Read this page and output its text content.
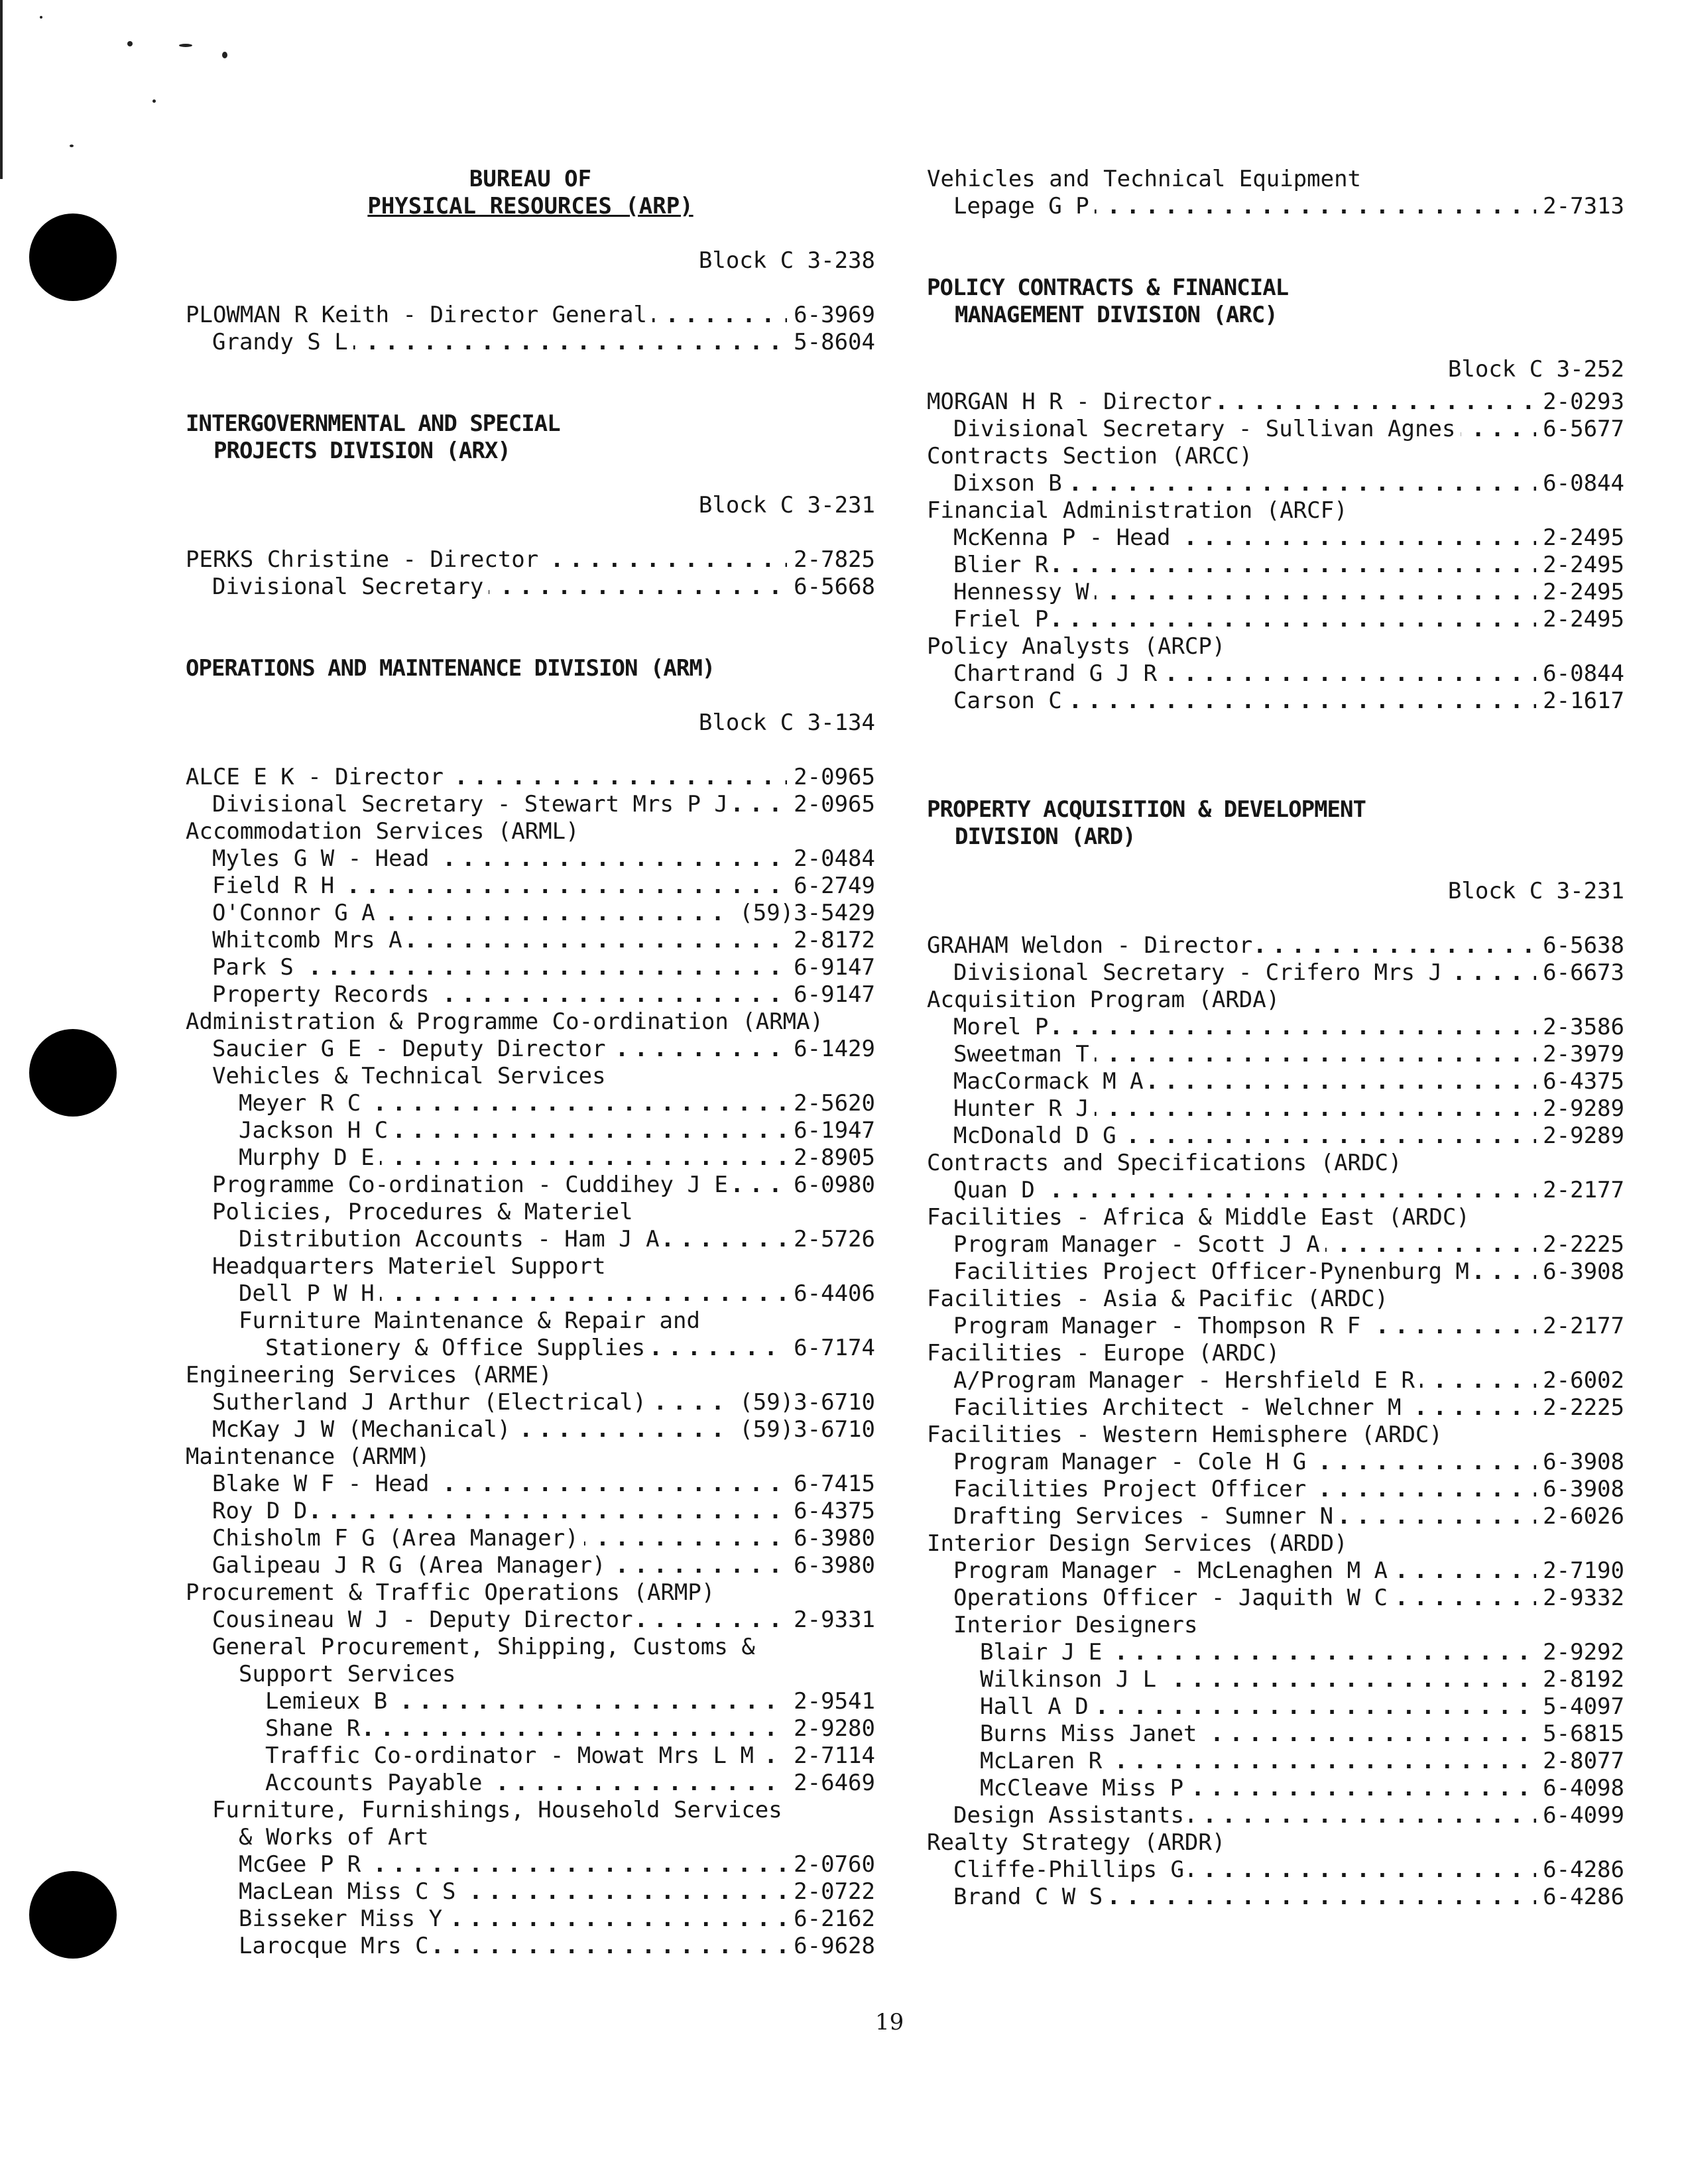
BUREAU OF
PHYSICAL RESOURCES (ARP)
Block C 3-238
. . .
PLOWMAN R Keith - Director General	6-3969
. . .
Grandy S L	5-8604
INTERGOVERNMENTAL AND SPECIAL
PROJECTS DIVISION (ARX)
Block C 3-231
. . .
PERKS Christine - Director	2-7825
. . .
Divisional Secretary	6-5668
OPERATIONS AND MAINTENANCE DIVISION (ARM)
Block C 3-134
. . .
ALCE E K - Director	2-0965
. . .
Divisional Secretary - Stewart Mrs P J	2-0965
Accommodation Services (ARML)
. . .
Myles G W - Head	2-0484
. . .
Field R H	6-2749
. . .
O'Connor G A	(59)3-5429
. . .
Whitcomb Mrs A	2-8172
. . .
Park S	6-9147
. . .
Property Records	6-9147
Administration & Programme Co-ordination (ARMA)
. . .
Saucier G E - Deputy Director	6-1429
Vehicles & Technical Services
. . .
Meyer R C	2-5620
. . .
Jackson H C	6-1947
. . .
Murphy D E	2-8905
. . .
Programme Co-ordination - Cuddihey J E	6-0980
Policies, Procedures & Materiel
. . .
Distribution Accounts - Ham J A	2-5726
Headquarters Materiel Support
. . .
Dell P W H	6-4406
Furniture Maintenance & Repair and
. . .
Stationery & Office Supplies	6-7174
Engineering Services (ARME)
. . .
Sutherland J Arthur (Electrical)	(59)3-6710
. . .
McKay J W (Mechanical)	(59)3-6710
Maintenance (ARMM)
. . .
Blake W F - Head	6-7415
. . .
Roy D D	6-4375
. . .
Chisholm F G (Area Manager)	6-3980
. . .
Galipeau J R G (Area Manager)	6-3980
Procurement & Traffic Operations (ARMP)
. . .
Cousineau W J - Deputy Director	2-9331
General Procurement, Shipping, Customs &
Support Services
. . .
Lemieux B	2-9541
. . .
Shane R	2-9280
. . .
Traffic Co-ordinator - Mowat Mrs L M 2-7114
. . .
Accounts Payable	2-6469
Furniture, Furnishings, Household Services
& Works of Art
. . .
McGee P R	2-0760
. . .
MacLean Miss C S	2-0722
. . .
Bisseker Miss Y	6-2162
. . .
Larocque Mrs C	6-9628
Vehicles and Technical Equipment
. . .
Lepage G P	2-7313
POLICY CONTRACTS & FINANCIAL
MANAGEMENT DIVISION (ARC)
Block C 3-252
. . .
MORGAN H R - Director	2-0293
. . .
Divisional Secretary - Sullivan Agnes	6-5677
Contracts Section (ARCC)
. . .
Dixson B	6-0844
Financial Administration (ARCF)
. . .
McKenna P - Head	2-2495
. . .
Blier R	2-2495
. . .
Hennessy W	2-2495
. . .
Friel P	2-2495
Policy Analysts (ARCP)
. . .
Chartrand G J R	6-0844
. . .
Carson C	2-1617
PROPERTY ACQUISITION & DEVELOPMENT
DIVISION (ARD)
Block C 3-231
. . .
GRAHAM Weldon - Director	6-5638
. . .
Divisional Secretary - Crifero Mrs J	6-6673
Acquisition Program (ARDA)
. . .
Morel P	2-3586
. . .
Sweetman T	2-3979
. . .
MacCormack M A	6-4375
. . .
Hunter R J	2-9289
. . .
McDonald D G	2-9289
Contracts and Specifications (ARDC)
. . .
Quan D	2-2177
Facilities - Africa & Middle East (ARDC)
. . .
Program Manager - Scott J A	2-2225
. . .
Facilities Project Officer-Pynenburg M	6-3908
Facilities - Asia & Pacific (ARDC)
. . .
Program Manager - Thompson R F	2-2177
Facilities - Europe (ARDC)
. . .
A/Program Manager - Hershfield E R	2-6002
. . .
Facilities Architect - Welchner M	2-2225
Facilities - Western Hemisphere (ARDC)
. . .
Program Manager - Cole H G	6-3908
. . .
Facilities Project Officer	6-3908
. . .
Drafting Services - Sumner N	2-6026
Interior Design Services (ARDD)
. . .
Program Manager - McLenaghen M A	2-7190
. . .
Operations Officer - Jaquith W C	2-9332
Interior Designers
. . .
Blair J E	2-9292
. . .
Wilkinson J L	2-8192
. . .
Hall A D	5-4097
. . .
Burns Miss Janet	5-6815
. . .
McLaren R	2-8077
. . .
McCleave Miss P	6-4098
. . .
Design Assistants	6-4099
Realty Strategy (ARDR)
. . .
Cliffe-Phillips G	6-4286
. . .
Brand C W S	6-4286
19
